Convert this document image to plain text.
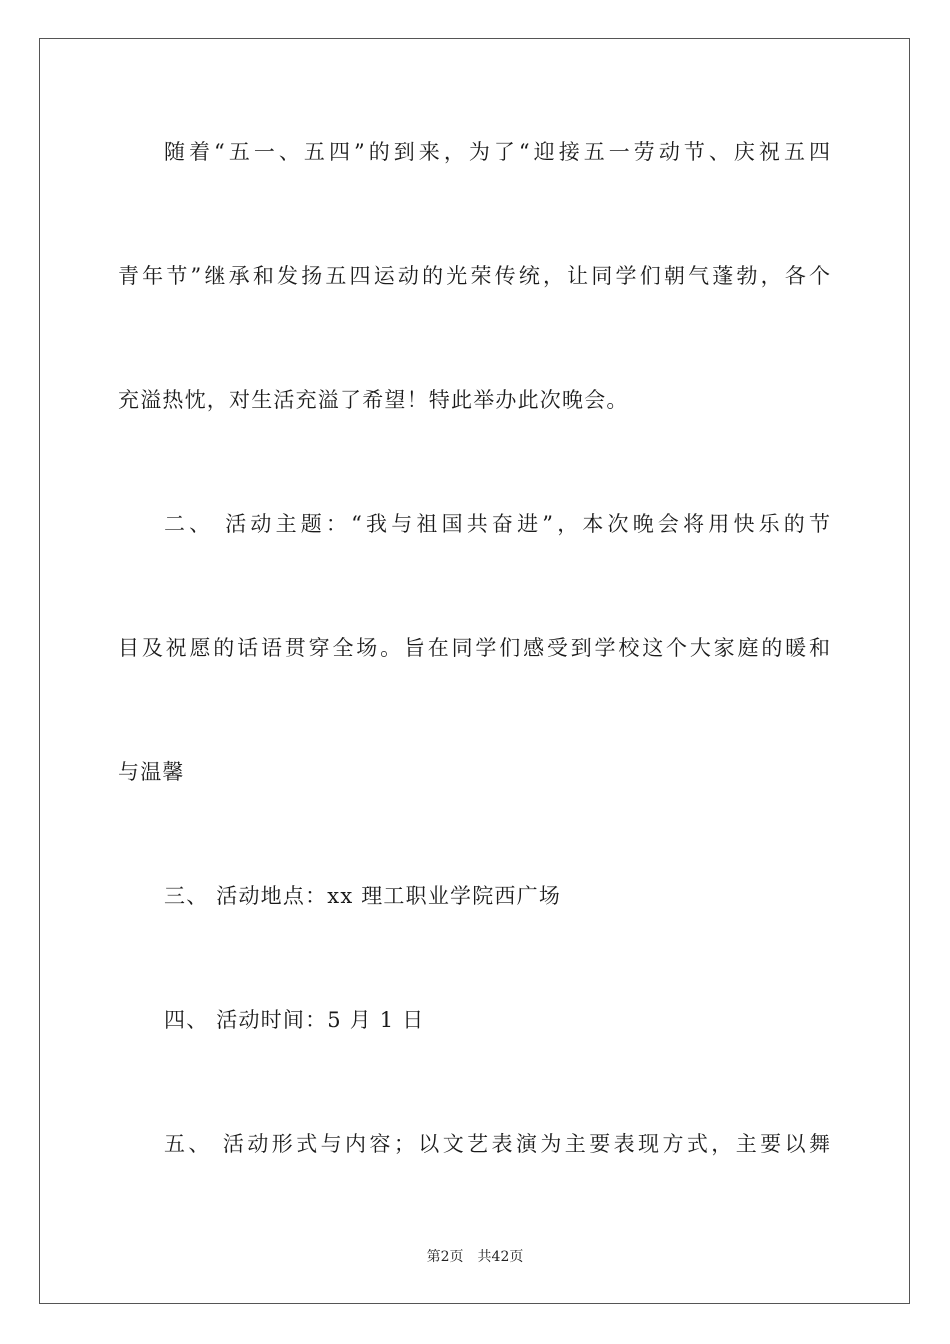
随着“五一、五四”的到来，为了“迎接五一劳动节、庆祝五四
青年节”继承和发扬五四运动的光荣传统，让同学们朝气蓬勃，各个
充溢热忱，对生活充溢了希望！特此举办此次晚会。
二、 活动主题：“我与祖国共奋进”，本次晚会将用快乐的节
目及祝愿的话语贯穿全场。旨在同学们感受到学校这个大家庭的暖和
与温馨
三、 活动地点：xx 理工职业学院西广场
四、 活动时间：5 月 1 日
五、 活动形式与内容；以文艺表演为主要表现方式，主要以舞
第2页 共42页
